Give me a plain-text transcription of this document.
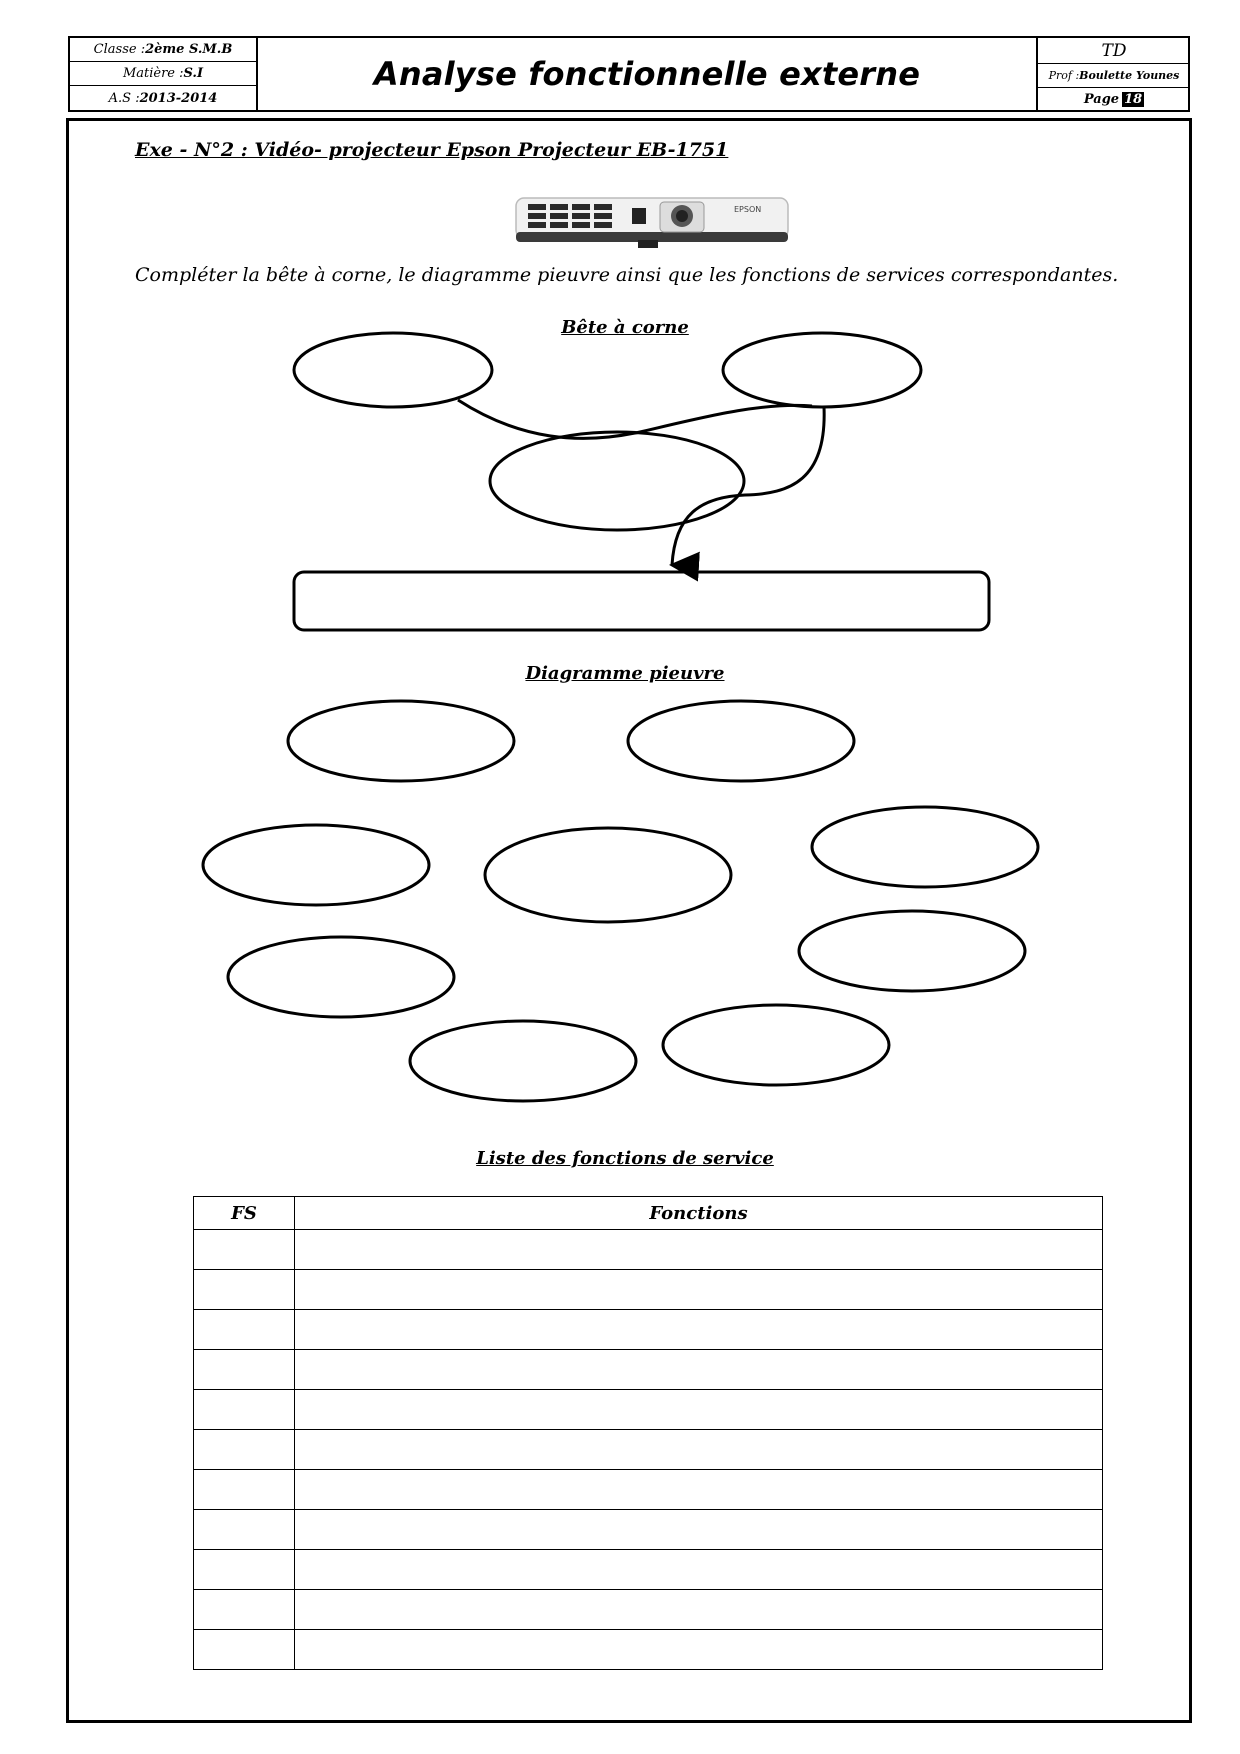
Classe : 2ème S.M.B
Matière : S.I
A.S : 2013-2014
Analyse fonctionnelle externe
TD
Prof : Boulette Younes
Page 18
Exe - N°2 : Vidéo- projecteur Epson Projecteur EB-1751
EPSON
Compléter la bête à corne, le diagramme pieuvre ainsi que les fonctions de services correspondantes.
Bête à corne
Diagramme pieuvre
Liste des fonctions de service
FS	Fonctions
